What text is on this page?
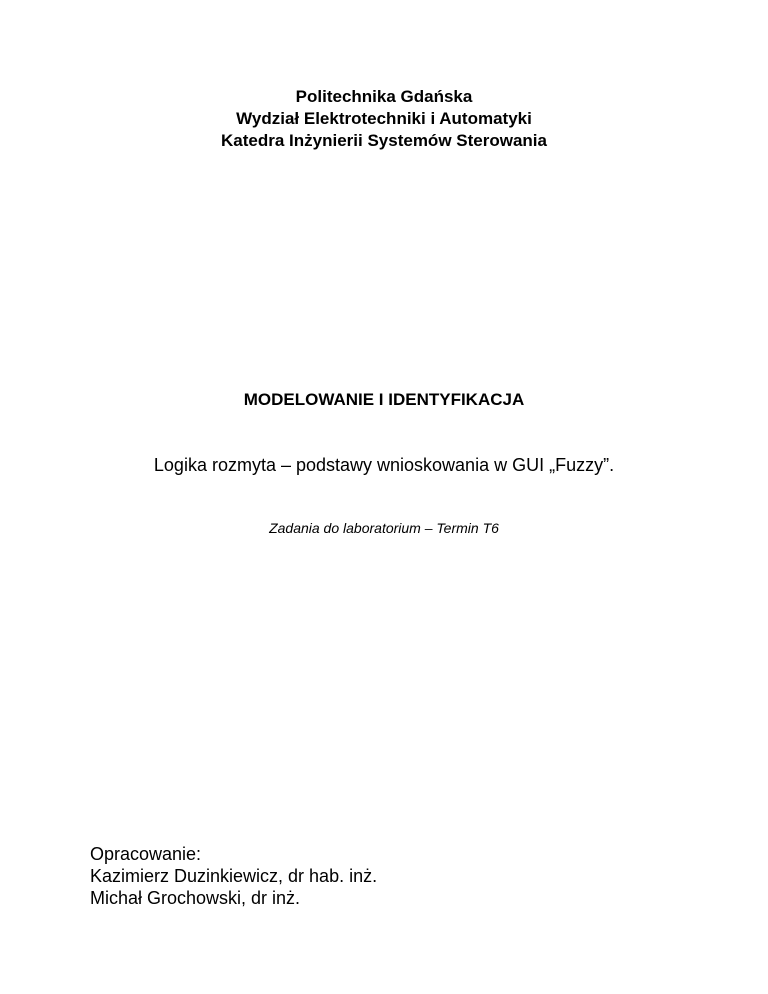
Politechnika Gdańska
Wydział Elektrotechniki i Automatyki
Katedra Inżynierii Systemów Sterowania
MODELOWANIE I IDENTYFIKACJA
Logika rozmyta – podstawy wnioskowania w GUI „Fuzzy”.
Zadania do laboratorium – Termin T6
Opracowanie:
Kazimierz Duzinkiewicz, dr hab. inż.
Michał Grochowski, dr inż.
